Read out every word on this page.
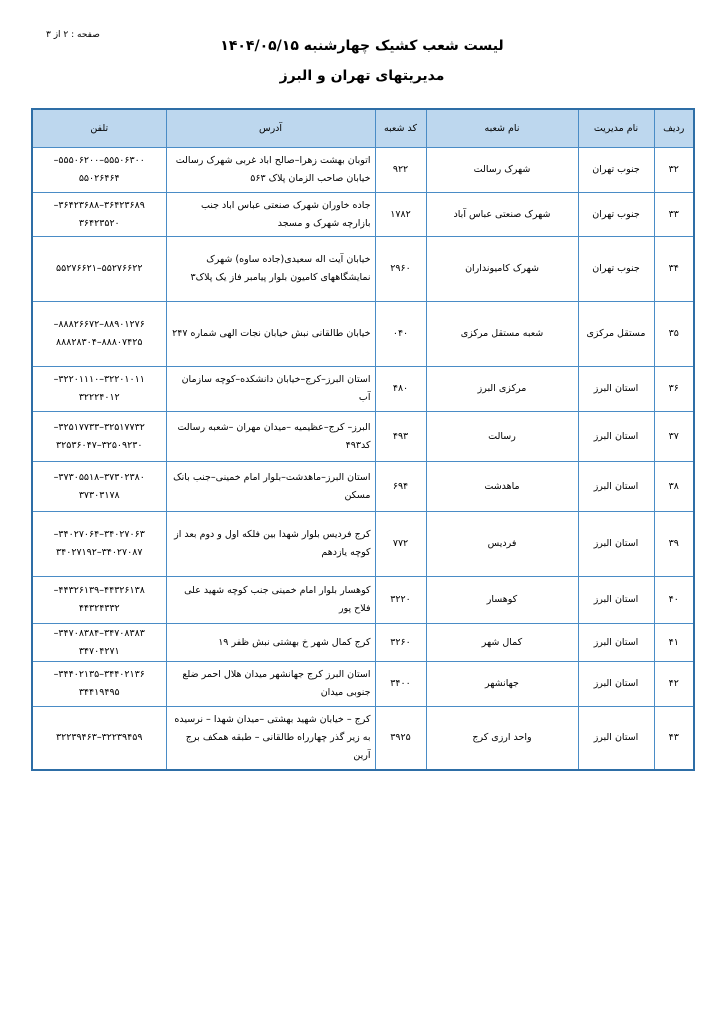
صفحه : ۲ از ۳
لیست شعب کشیک چهارشنبه ۱۴۰۴/۰۵/۱۵
مدیریتهای تهران و البرز
ردیف	نام مدیریت	نام شعبه	کد شعبه	آدرس	تلفن
۳۲	جنوب تهران	شهرک رسالت	۹۲۲	اتوبان بهشت زهرا–صالح اباد غربی شهرک رسالت خیابان صاحب الزمان پلاک ۵۶۳	۵۵۵۰۶۳۰۰–۵۵۵۰۶۲۰۰– ۵۵۰۲۶۴۶۴
۳۳	جنوب تهران	شهرک صنعتی عباس آباد	۱۷۸۲	جاده خاوران شهرک صنعتی عباس اباد جنب بازارچه شهرک و مسجد	۳۶۴۲۳۶۸۹–۳۶۴۲۳۶۸۸– ۳۶۴۲۳۵۲۰
۳۴	جنوب تهران	شهرک کامیونداران	۲۹۶۰	خیابان آیت اله سعیدی(جاده ساوه) شهرک نمایشگاههای کامیون بلوار پیامبر فاز یک پلاک۳	۵۵۲۷۶۶۲۲–۵۵۲۷۶۶۲۱
۳۵	مستقل مرکزی	شعبه مستقل مرکزی	۰۴۰	خیابان طالقانی نبش خیابان نجات الهی شماره ۲۴۷	۸۸۹۰۱۲۷۶–۸۸۸۲۶۶۷۲– ۸۸۸۰۷۴۲۵–۸۸۸۲۸۳۰۴
۳۶	استان البرز	مرکزی البرز	۴۸۰	استان البرز–کرج–خیابان دانشکده–کوچه سازمان آب	۳۲۲۰۱۰۱۱–۳۲۲۰۱۱۱۰– ۳۲۲۲۴۰۱۲
۳۷	استان البرز	رسالت	۴۹۳	البرز– کرج–عظیمیه –میدان مهران –شعبه رسالت کد۴۹۳	۳۲۵۱۷۷۳۲–۳۲۵۱۷۷۳۳– ۳۲۵۰۹۲۳۰–۳۲۵۳۶۰۴۷
۳۸	استان البرز	ماهدشت	۶۹۴	استان البرز–ماهدشت–بلوار امام خمینی–جنب بانک مسکن	۳۷۳۰۲۳۸۰–۳۷۳۰۵۵۱۸– ۳۷۳۰۳۱۷۸
۳۹	استان البرز	فردیس	۷۷۲	کرج فردیس بلوار شهدا بین فلکه اول و دوم بعد از کوچه یازدهم	۳۴۰۲۷۰۶۳–۳۴۰۲۷۰۶۴– ۳۴۰۲۷۰۸۷–۳۴۰۲۷۱۹۲
۴۰	استان البرز	کوهسار	۳۲۲۰	کوهسار بلوار امام خمینی جنب کوچه شهید علی فلاح پور	۴۴۳۲۶۱۳۸–۴۴۳۲۶۱۳۹– ۴۴۳۲۴۳۳۲
۴۱	استان البرز	کمال شهر	۳۲۶۰	کرج کمال شهر خ بهشتی نبش ظفر ۱۹	۳۴۷۰۸۳۸۳–۳۴۷۰۸۳۸۴– ۳۴۷۰۴۲۷۱
۴۲	استان البرز	جهانشهر	۳۴۰۰	استان البرز کرج جهانشهر میدان هلال احمر ضلع جنوبی میدان	۳۴۴۰۲۱۳۶–۳۴۴۰۲۱۳۵– ۳۴۴۱۹۴۹۵
۴۳	استان البرز	واحد ارزی کرج	۳۹۲۵	کرج – خیابان شهید بهشتی –میدان شهدا – نرسیده به زیر گذر چهارراه طالقانی – طبقه همکف برج آرین	۳۲۲۳۹۴۵۹–۳۲۲۳۹۴۶۳
